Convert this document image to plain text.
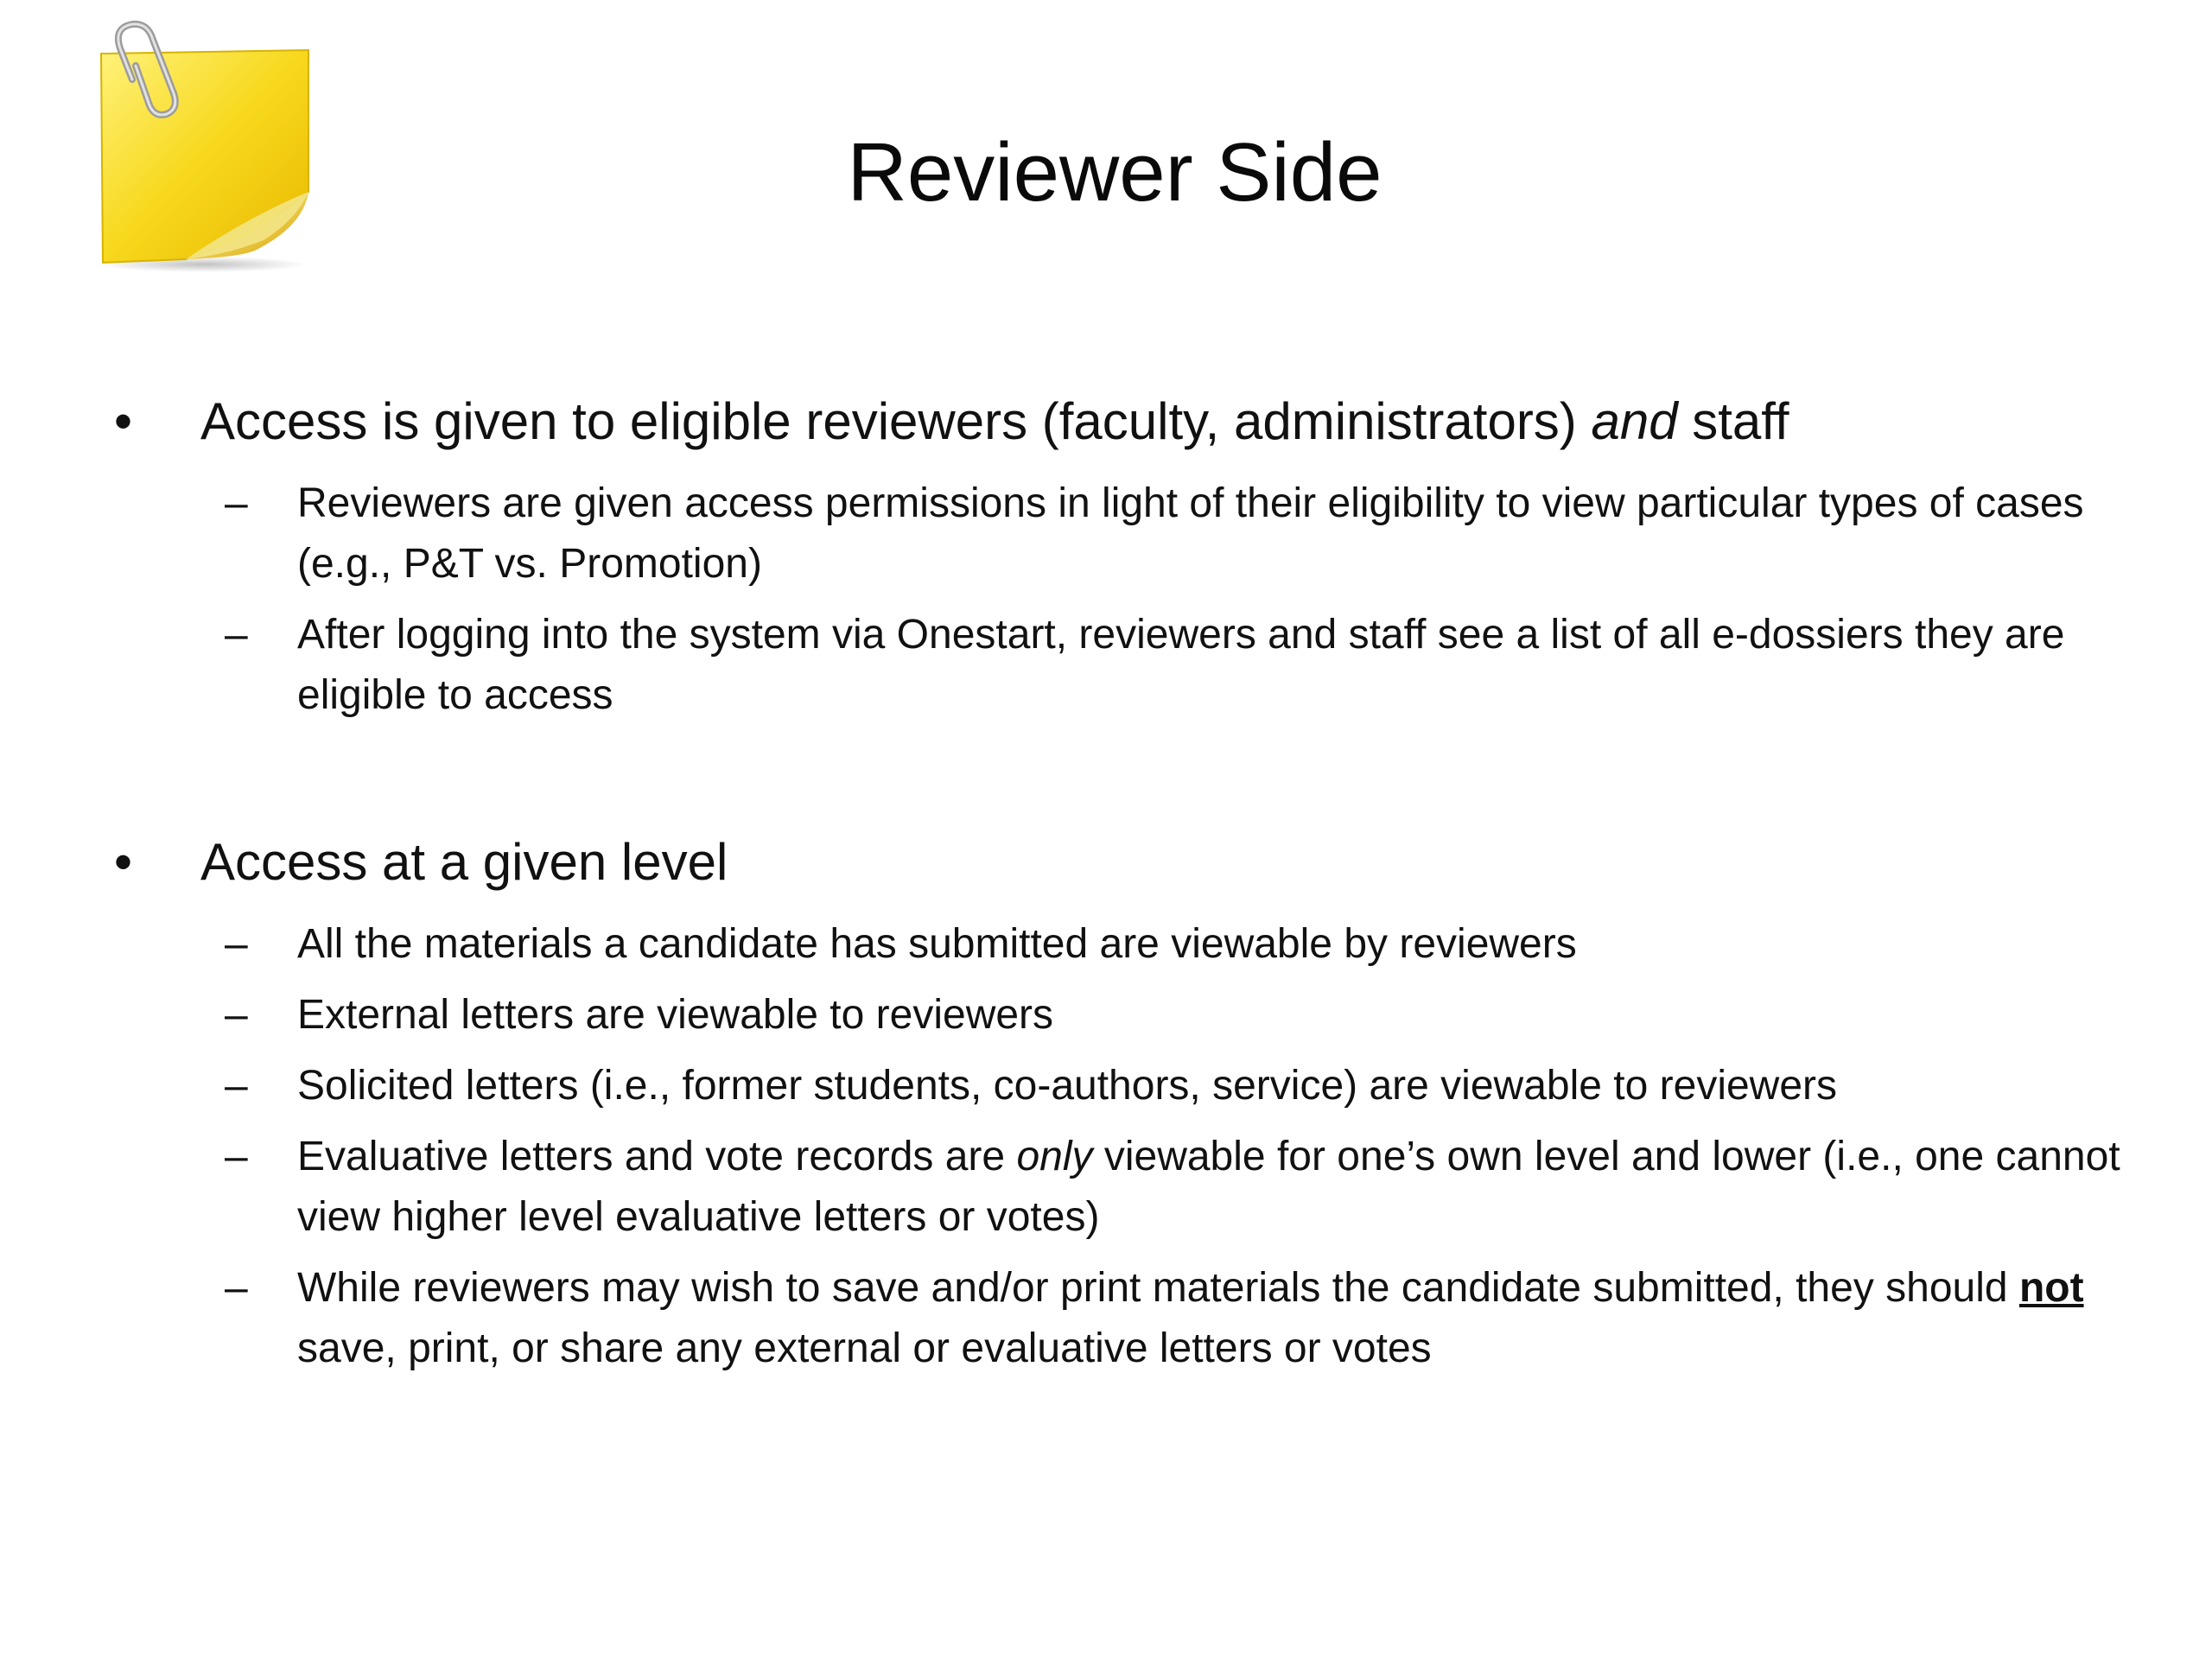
Reviewer Side
•	Access is given to eligible reviewers (faculty, administrators) and staff
–	Reviewers are given access permissions in light of their eligibility to view particular types of cases (e.g., P&T vs. Promotion)
–	After logging into the system via Onestart, reviewers and staff see a list of all e-dossiers they are eligible to access
•	Access at a given level
–	All the materials a candidate has submitted are viewable by reviewers
–	External letters are viewable to reviewers
–	Solicited letters (i.e., former students, co-authors, service) are viewable to reviewers
–	Evaluative letters and vote records are only viewable for one’s own level and lower (i.e., one cannot view higher level evaluative letters or votes)
–	While reviewers may wish to save and/or print materials the candidate submitted, they should not save, print, or share any external or evaluative letters or votes
